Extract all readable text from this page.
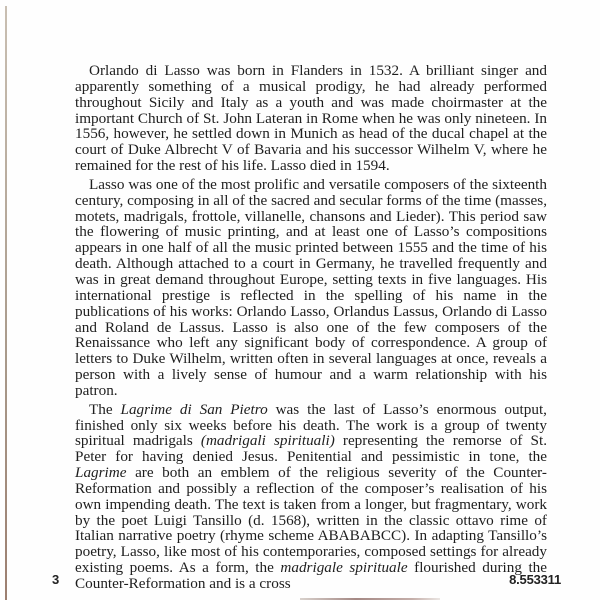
Orlando di Lasso was born in Flanders in 1532. A brilliant singer and apparently something of a musical prodigy, he had already performed throughout Sicily and Italy as a youth and was made choirmaster at the important Church of St. John Lateran in Rome when he was only nineteen. In 1556, however, he settled down in Munich as head of the ducal chapel at the court of Duke Albrecht V of Bavaria and his successor Wilhelm V, where he remained for the rest of his life. Lasso died in 1594.

Lasso was one of the most prolific and versatile composers of the sixteenth century, composing in all of the sacred and secular forms of the time (masses, motets, madrigals, frottole, villanelle, chansons and Lieder). This period saw the flowering of music printing, and at least one of Lasso’s compositions appears in one half of all the music printed between 1555 and the time of his death. Although attached to a court in Germany, he travelled frequently and was in great demand throughout Europe, setting texts in five languages. His international prestige is reflected in the spelling of his name in the publications of his works: Orlando Lasso, Orlandus Lassus, Orlando di Lasso and Roland de Lassus. Lasso is also one of the few composers of the Renaissance who left any significant body of correspondence. A group of letters to Duke Wilhelm, written often in several languages at once, reveals a person with a lively sense of humour and a warm relationship with his patron.

The Lagrime di San Pietro was the last of Lasso’s enormous output, finished only six weeks before his death. The work is a group of twenty spiritual madrigals (madrigali spirituali) representing the remorse of St. Peter for having denied Jesus. Penitential and pessimistic in tone, the Lagrime are both an emblem of the religious severity of the Counter-Reformation and possibly a reflection of the composer’s realisation of his own impending death. The text is taken from a longer, but fragmentary, work by the poet Luigi Tansillo (d. 1568), written in the classic ottavo rime of Italian narrative poetry (rhyme scheme ABABABCC). In adapting Tansillo’s poetry, Lasso, like most of his contemporaries, composed settings for already existing poems. As a form, the madrigale spirituale flourished during the Counter-Reformation and is a cross

3	8.553311
